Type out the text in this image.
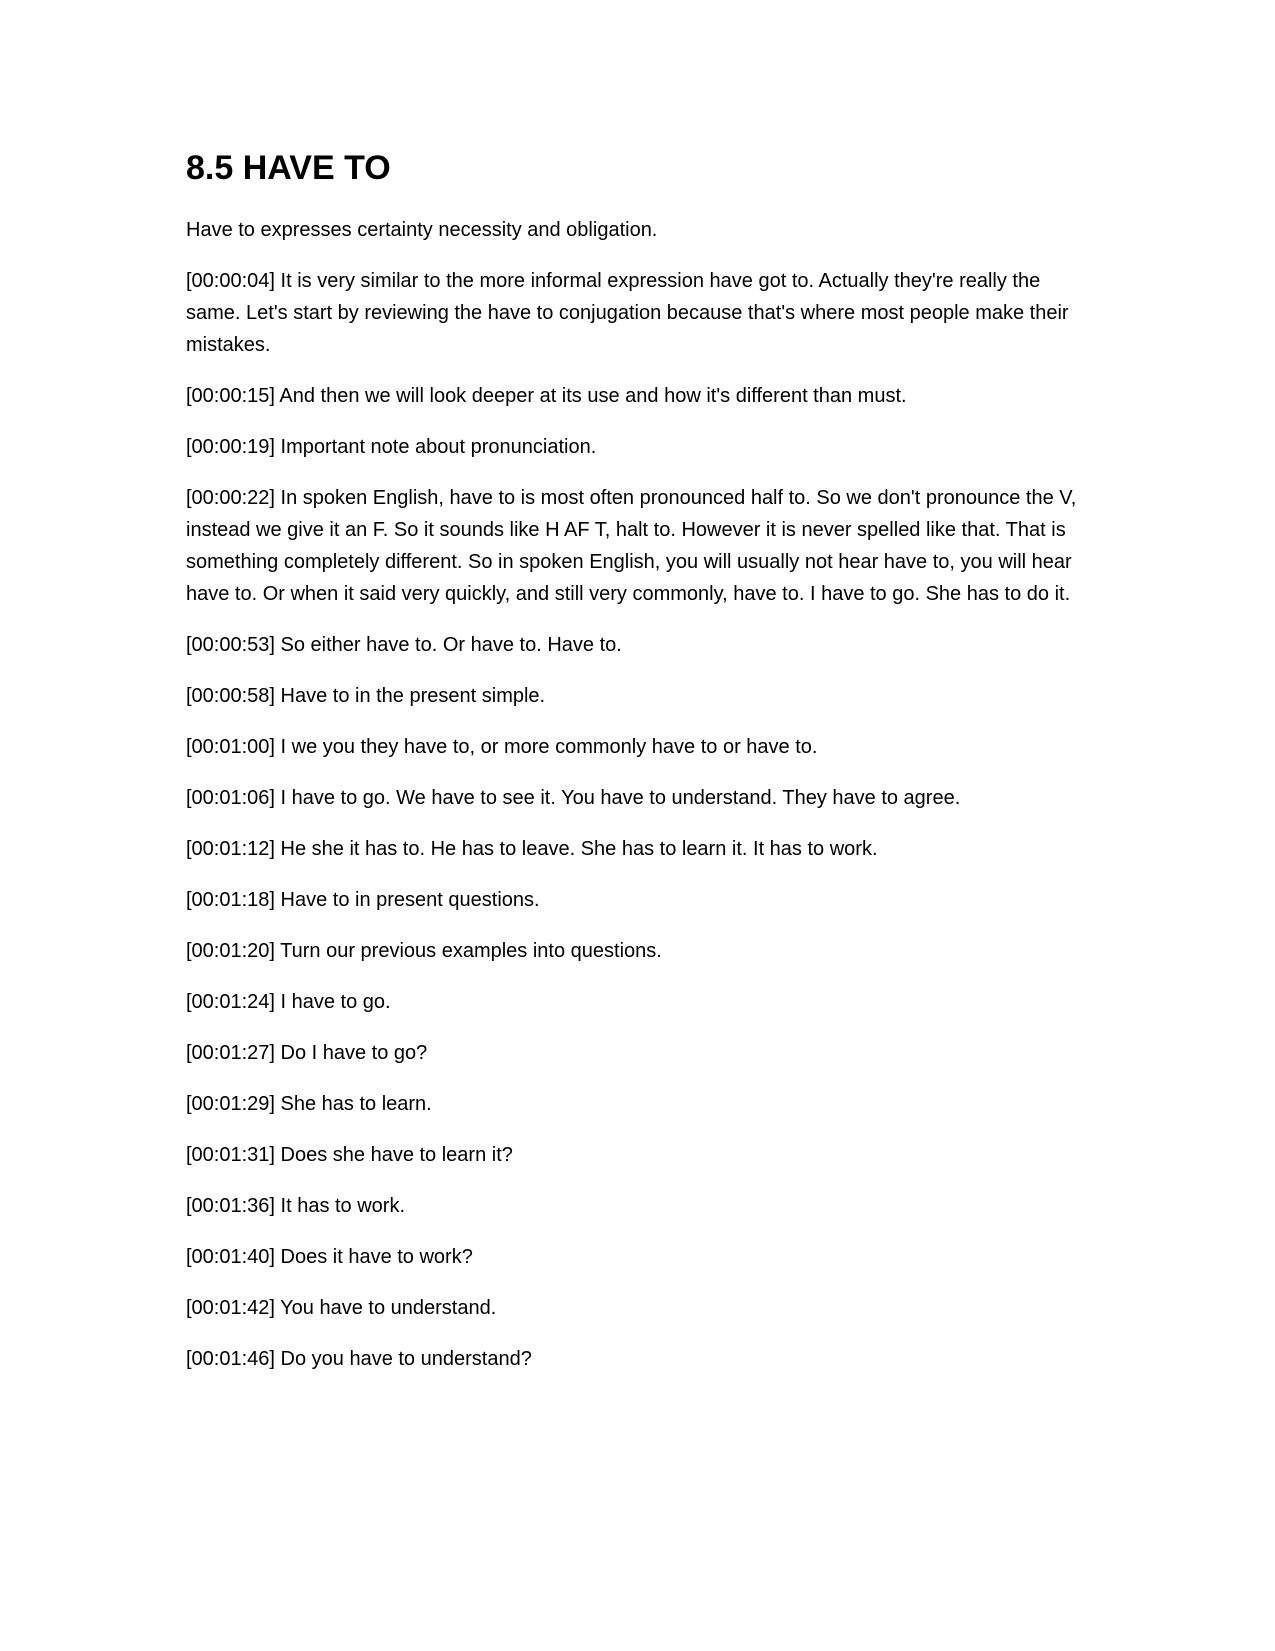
8.5 HAVE TO

Have to expresses certainty necessity and obligation.

[00:00:04] It is very similar to the more informal expression have got to. Actually they're really the same. Let's start by reviewing the have to conjugation because that's where most people make their mistakes.

[00:00:15] And then we will look deeper at its use and how it's different than must.

[00:00:19] Important note about pronunciation.

[00:00:22] In spoken English, have to is most often pronounced half to. So we don't pronounce the V, instead we give it an F. So it sounds like H AF T, halt to. However it is never spelled like that. That is something completely different. So in spoken English, you will usually not hear have to, you will hear have to. Or when it said very quickly, and still very commonly, have to. I have to go. She has to do it.

[00:00:53] So either have to. Or have to. Have to.

[00:00:58] Have to in the present simple.

[00:01:00] I we you they have to, or more commonly have to or have to.

[00:01:06] I have to go. We have to see it. You have to understand. They have to agree.

[00:01:12] He she it has to. He has to leave. She has to learn it. It has to work.

[00:01:18] Have to in present questions.

[00:01:20] Turn our previous examples into questions.

[00:01:24] I have to go.

[00:01:27] Do I have to go?

[00:01:29] She has to learn.

[00:01:31] Does she have to learn it?

[00:01:36] It has to work.

[00:01:40] Does it have to work?

[00:01:42] You have to understand.

[00:01:46] Do you have to understand?
